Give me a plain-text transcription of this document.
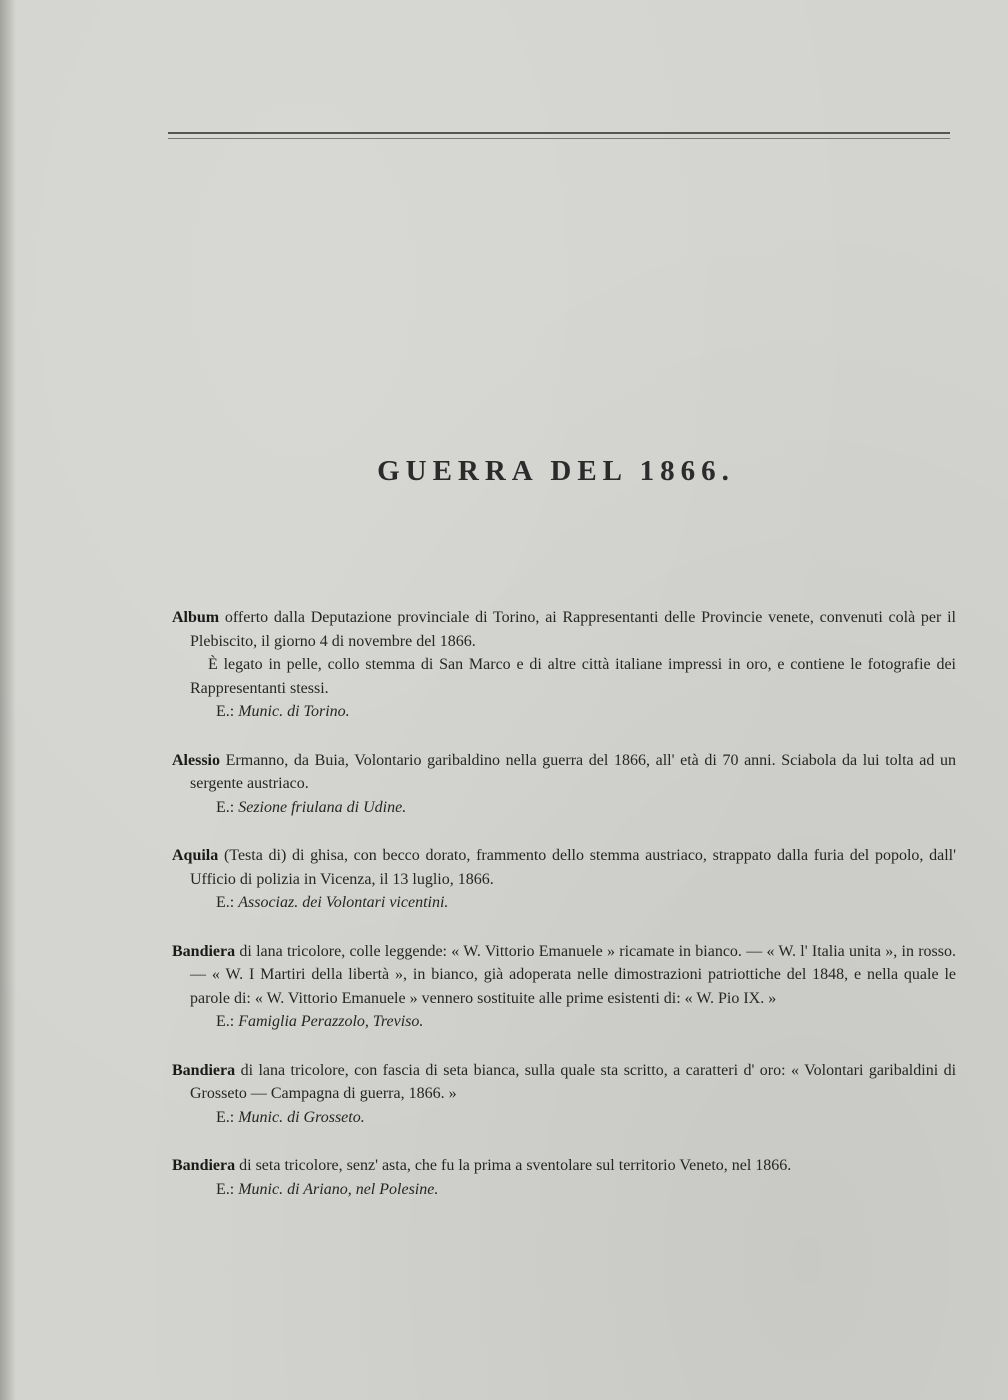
GUERRA DEL 1866.
Album offerto dalla Deputazione provinciale di Torino, ai Rappresentanti delle Provincie venete, convenuti colà per il Plebiscito, il giorno 4 di novembre del 1866.
È legato in pelle, collo stemma di San Marco e di altre città italiane impressi in oro, e contiene le fotografie dei Rappresentanti stessi.
E.: Munic. di Torino.
Alessio Ermanno, da Buia, Volontario garibaldino nella guerra del 1866, all' età di 70 anni. Sciabola da lui tolta ad un sergente austriaco.
E.: Sezione friulana di Udine.
Aquila (Testa di) di ghisa, con becco dorato, frammento dello stemma austriaco, strappato dalla furia del popolo, dall' Ufficio di polizia in Vicenza, il 13 luglio, 1866.
E.: Associaz. dei Volontari vicentini.
Bandiera di lana tricolore, colle leggende: « W. Vittorio Emanuele » ricamate in bianco. — « W. l' Italia unita », in rosso. — « W. I Martiri della libertà », in bianco, già adoperata nelle dimostrazioni patriottiche del 1848, e nella quale le parole di: « W. Vittorio Emanuele » vennero sostituite alle prime esistenti di: « W. Pio IX. »
E.: Famiglia Perazzolo, Treviso.
Bandiera di lana tricolore, con fascia di seta bianca, sulla quale sta scritto, a caratteri d' oro: « Volontari garibaldini di Grosseto — Campagna di guerra, 1866. »
E.: Munic. di Grosseto.
Bandiera di seta tricolore, senz' asta, che fu la prima a sventolare sul territorio Veneto, nel 1866.
E.: Munic. di Ariano, nel Polesine.
